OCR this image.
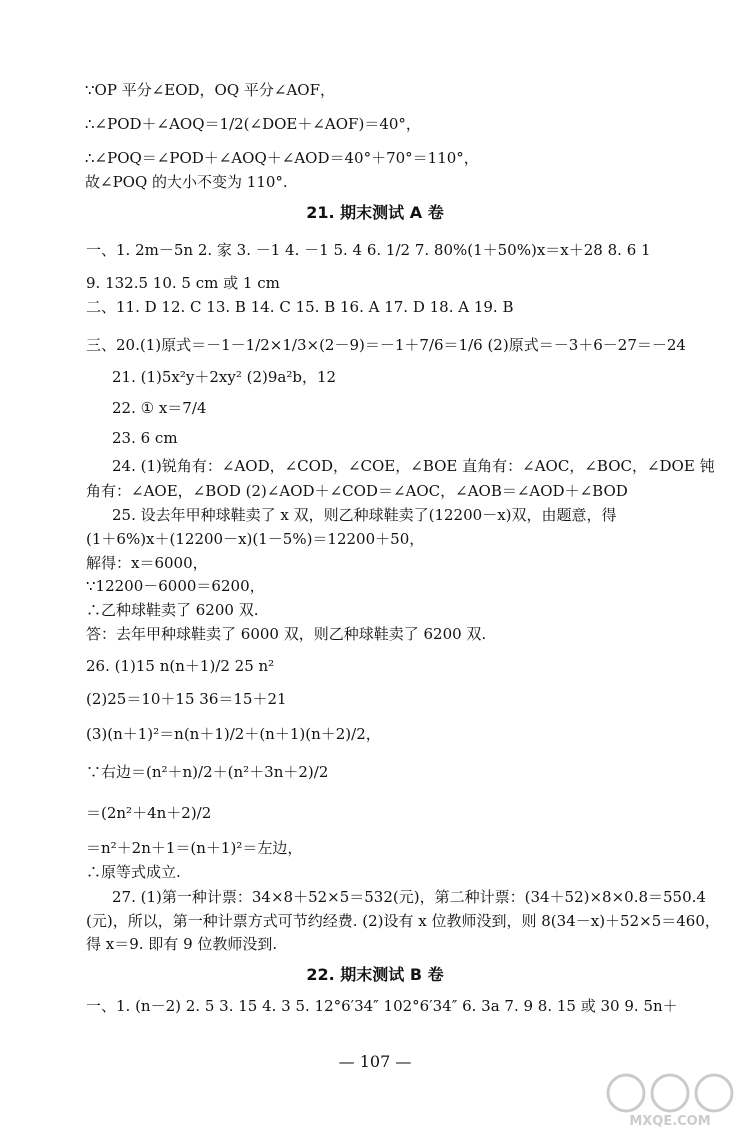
∵OP 平分∠EOD，OQ 平分∠AOF，
∴∠POD＋∠AOQ＝1/2(∠DOE＋∠AOF)＝40°，
∴∠POQ＝∠POD＋∠AOQ＋∠AOD＝40°＋70°＝110°，
故∠POQ 的大小不变为 110°.
21. 期末测试 A 卷
一、1. 2m－5n 2. 家 3. －1 4. －1 5. 4 6. 1/2 7. 80%(1＋50%)x＝x＋28 8. 6 1
9. 132.5 10. 5 cm 或 1 cm
二、11. D 12. C 13. B 14. C 15. B 16. A 17. D 18. A 19. B
三、20.(1)原式＝－1－1/2×1/3×(2－9)＝－1＋7/6＝1/6 (2)原式＝－3＋6－27＝－24
21. (1)5x²y＋2xy² (2)9a²b，12
22. ① x＝7/4
23. 6 cm
24. (1)锐角有：∠AOD，∠COD，∠COE，∠BOE 直角有：∠AOC，∠BOC，∠DOE 钝
角有：∠AOE，∠BOD (2)∠AOD＋∠COD＝∠AOC，∠AOB＝∠AOD＋∠BOD
25. 设去年甲种球鞋卖了 x 双，则乙种球鞋卖了(12200－x)双，由题意，得
(1＋6%)x＋(12200－x)(1－5%)＝12200＋50，
解得：x＝6000，
∵12200－6000＝6200，
∴乙种球鞋卖了 6200 双.
答：去年甲种球鞋卖了 6000 双，则乙种球鞋卖了 6200 双.
26. (1)15 n(n＋1)/2 25 n²
(2)25＝10＋15 36＝15＋21
(3)(n＋1)²＝n(n＋1)/2＋(n＋1)(n＋2)/2，
∵右边＝(n²＋n)/2＋(n²＋3n＋2)/2
＝(2n²＋4n＋2)/2
＝n²＋2n＋1＝(n＋1)²＝左边，
∴原等式成立.
27. (1)第一种计票：34×8＋52×5＝532(元)，第二种计票：(34＋52)×8×0.8＝550.4
(元)，所以，第一种计票方式可节约经费. (2)设有 x 位教师没到，则 8(34－x)＋52×5＝460，
得 x＝9. 即有 9 位教师没到.
22. 期末测试 B 卷
一、1. (n－2) 2. 5 3. 15 4. 3 5. 12°6′34″ 102°6′34″ 6. 3a 7. 9 8. 15 或 30 9. 5n＋
— 107 —
MXQE.COM
